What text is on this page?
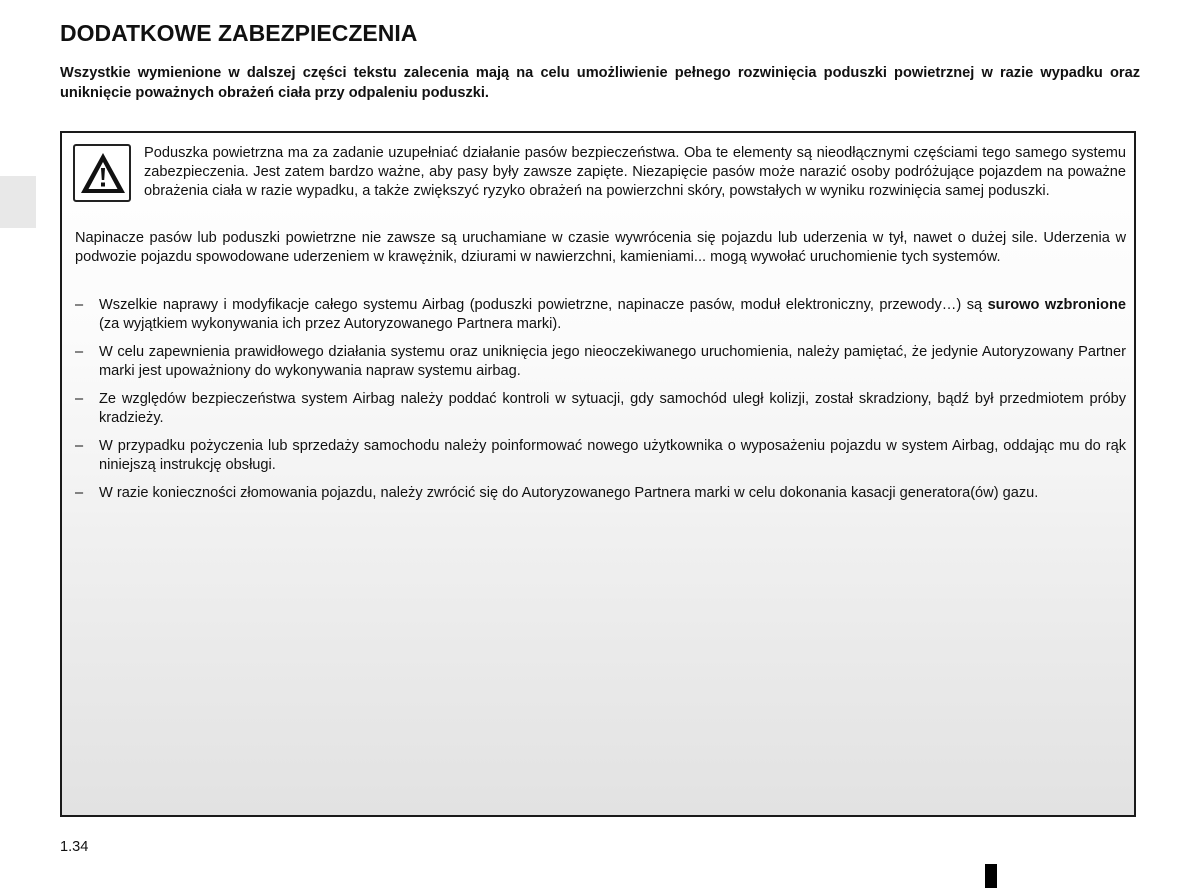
DODATKOWE ZABEZPIECZENIA

Wszystkie wymienione w dalszej części tekstu zalecenia mają na celu umożliwienie pełnego rozwinięcia poduszki powietrznej w razie wypadku oraz uniknięcie poważnych obrażeń ciała przy odpaleniu poduszki.

Poduszka powietrzna ma za zadanie uzupełniać działanie pasów bezpieczeństwa. Oba te elementy są nieodłącznymi częściami tego samego systemu zabezpieczenia. Jest zatem bardzo ważne, aby pasy były zawsze zapięte. Niezapięcie pasów może narazić osoby podróżujące pojazdem na poważne obrażenia ciała w razie wypadku, a także zwiększyć ryzyko obrażeń na powierzchni skóry, powstałych w wyniku rozwinięcia samej poduszki.

Napinacze pasów lub poduszki powietrzne nie zawsze są uruchamiane w czasie wywrócenia się pojazdu lub uderzenia w tył, nawet o dużej sile. Uderzenia w podwozie pojazdu spowodowane uderzeniem w krawężnik, dziurami w nawierzchni, kamieniami... mogą wywołać uruchomienie tych systemów.

– Wszelkie naprawy i modyfikacje całego systemu Airbag (poduszki powietrzne, napinacze pasów, moduł elektroniczny, przewody…) są surowo wzbronione (za wyjątkiem wykonywania ich przez Autoryzowanego Partnera marki).
– W celu zapewnienia prawidłowego działania systemu oraz uniknięcia jego nieoczekiwanego uruchomienia, należy pamiętać, że jedynie Autoryzowany Partner marki jest upoważniony do wykonywania napraw systemu airbag.
– Ze względów bezpieczeństwa system Airbag należy poddać kontroli w sytuacji, gdy samochód uległ kolizji, został skradziony, bądź był przedmiotem próby kradzieży.
– W przypadku pożyczenia lub sprzedaży samochodu należy poinformować nowego użytkownika o wyposażeniu pojazdu w system Airbag, oddając mu do rąk niniejszą instrukcję obsługi.
– W razie konieczności złomowania pojazdu, należy zwrócić się do Autoryzowanego Partnera marki w celu dokonania kasacji generatora(ów) gazu.
1.34
